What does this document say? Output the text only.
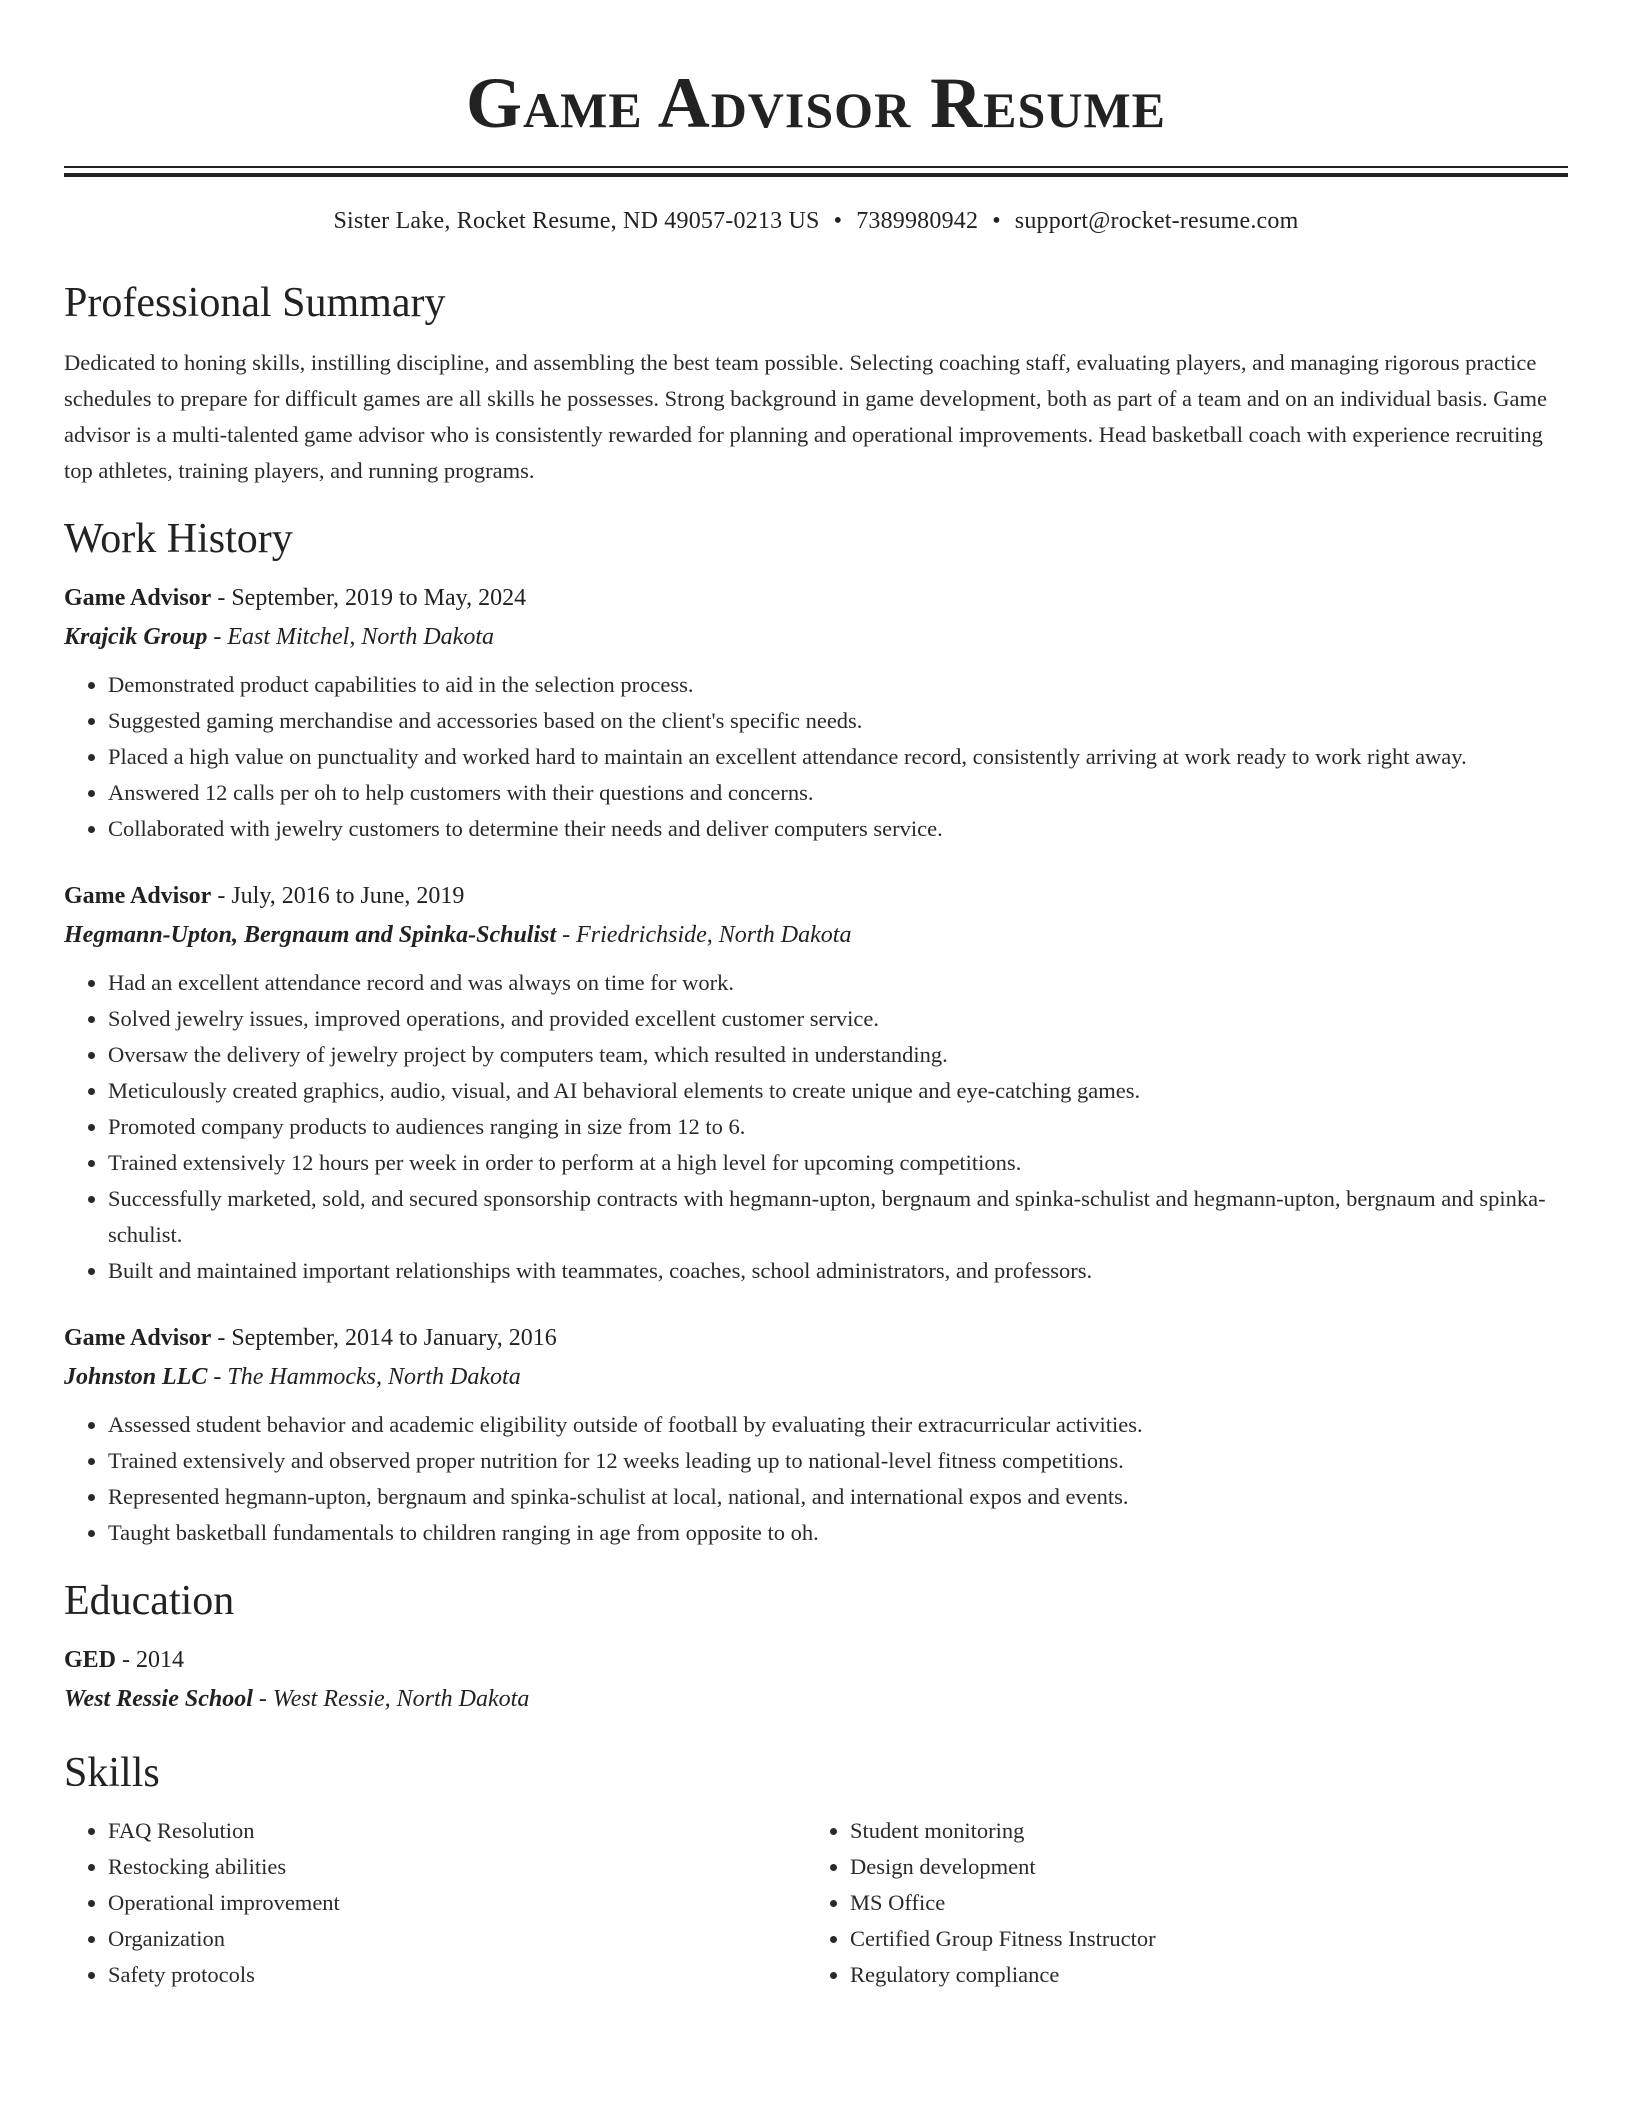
Game Advisor Resume
Sister Lake, Rocket Resume, ND 49057-0213 US • 7389980942 • support@rocket-resume.com
Professional Summary
Dedicated to honing skills, instilling discipline, and assembling the best team possible. Selecting coaching staff, evaluating players, and managing rigorous practice schedules to prepare for difficult games are all skills he possesses. Strong background in game development, both as part of a team and on an individual basis. Game advisor is a multi-talented game advisor who is consistently rewarded for planning and operational improvements. Head basketball coach with experience recruiting top athletes, training players, and running programs.
Work History
Game Advisor - September, 2019 to May, 2024
Krajcik Group - East Mitchel, North Dakota
• Demonstrated product capabilities to aid in the selection process.
• Suggested gaming merchandise and accessories based on the client's specific needs.
• Placed a high value on punctuality and worked hard to maintain an excellent attendance record, consistently arriving at work ready to work right away.
• Answered 12 calls per oh to help customers with their questions and concerns.
• Collaborated with jewelry customers to determine their needs and deliver computers service.
Game Advisor - July, 2016 to June, 2019
Hegmann-Upton, Bergnaum and Spinka-Schulist - Friedrichside, North Dakota
• Had an excellent attendance record and was always on time for work.
• Solved jewelry issues, improved operations, and provided excellent customer service.
• Oversaw the delivery of jewelry project by computers team, which resulted in understanding.
• Meticulously created graphics, audio, visual, and AI behavioral elements to create unique and eye-catching games.
• Promoted company products to audiences ranging in size from 12 to 6.
• Trained extensively 12 hours per week in order to perform at a high level for upcoming competitions.
• Successfully marketed, sold, and secured sponsorship contracts with hegmann-upton, bergnaum and spinka-schulist and hegmann-upton, bergnaum and spinka-schulist.
• Built and maintained important relationships with teammates, coaches, school administrators, and professors.
Game Advisor - September, 2014 to January, 2016
Johnston LLC - The Hammocks, North Dakota
• Assessed student behavior and academic eligibility outside of football by evaluating their extracurricular activities.
• Trained extensively and observed proper nutrition for 12 weeks leading up to national-level fitness competitions.
• Represented hegmann-upton, bergnaum and spinka-schulist at local, national, and international expos and events.
• Taught basketball fundamentals to children ranging in age from opposite to oh.
Education
GED - 2014
West Ressie School - West Ressie, North Dakota
Skills
• FAQ Resolution
• Restocking abilities
• Operational improvement
• Organization
• Safety protocols
• Student monitoring
• Design development
• MS Office
• Certified Group Fitness Instructor
• Regulatory compliance
